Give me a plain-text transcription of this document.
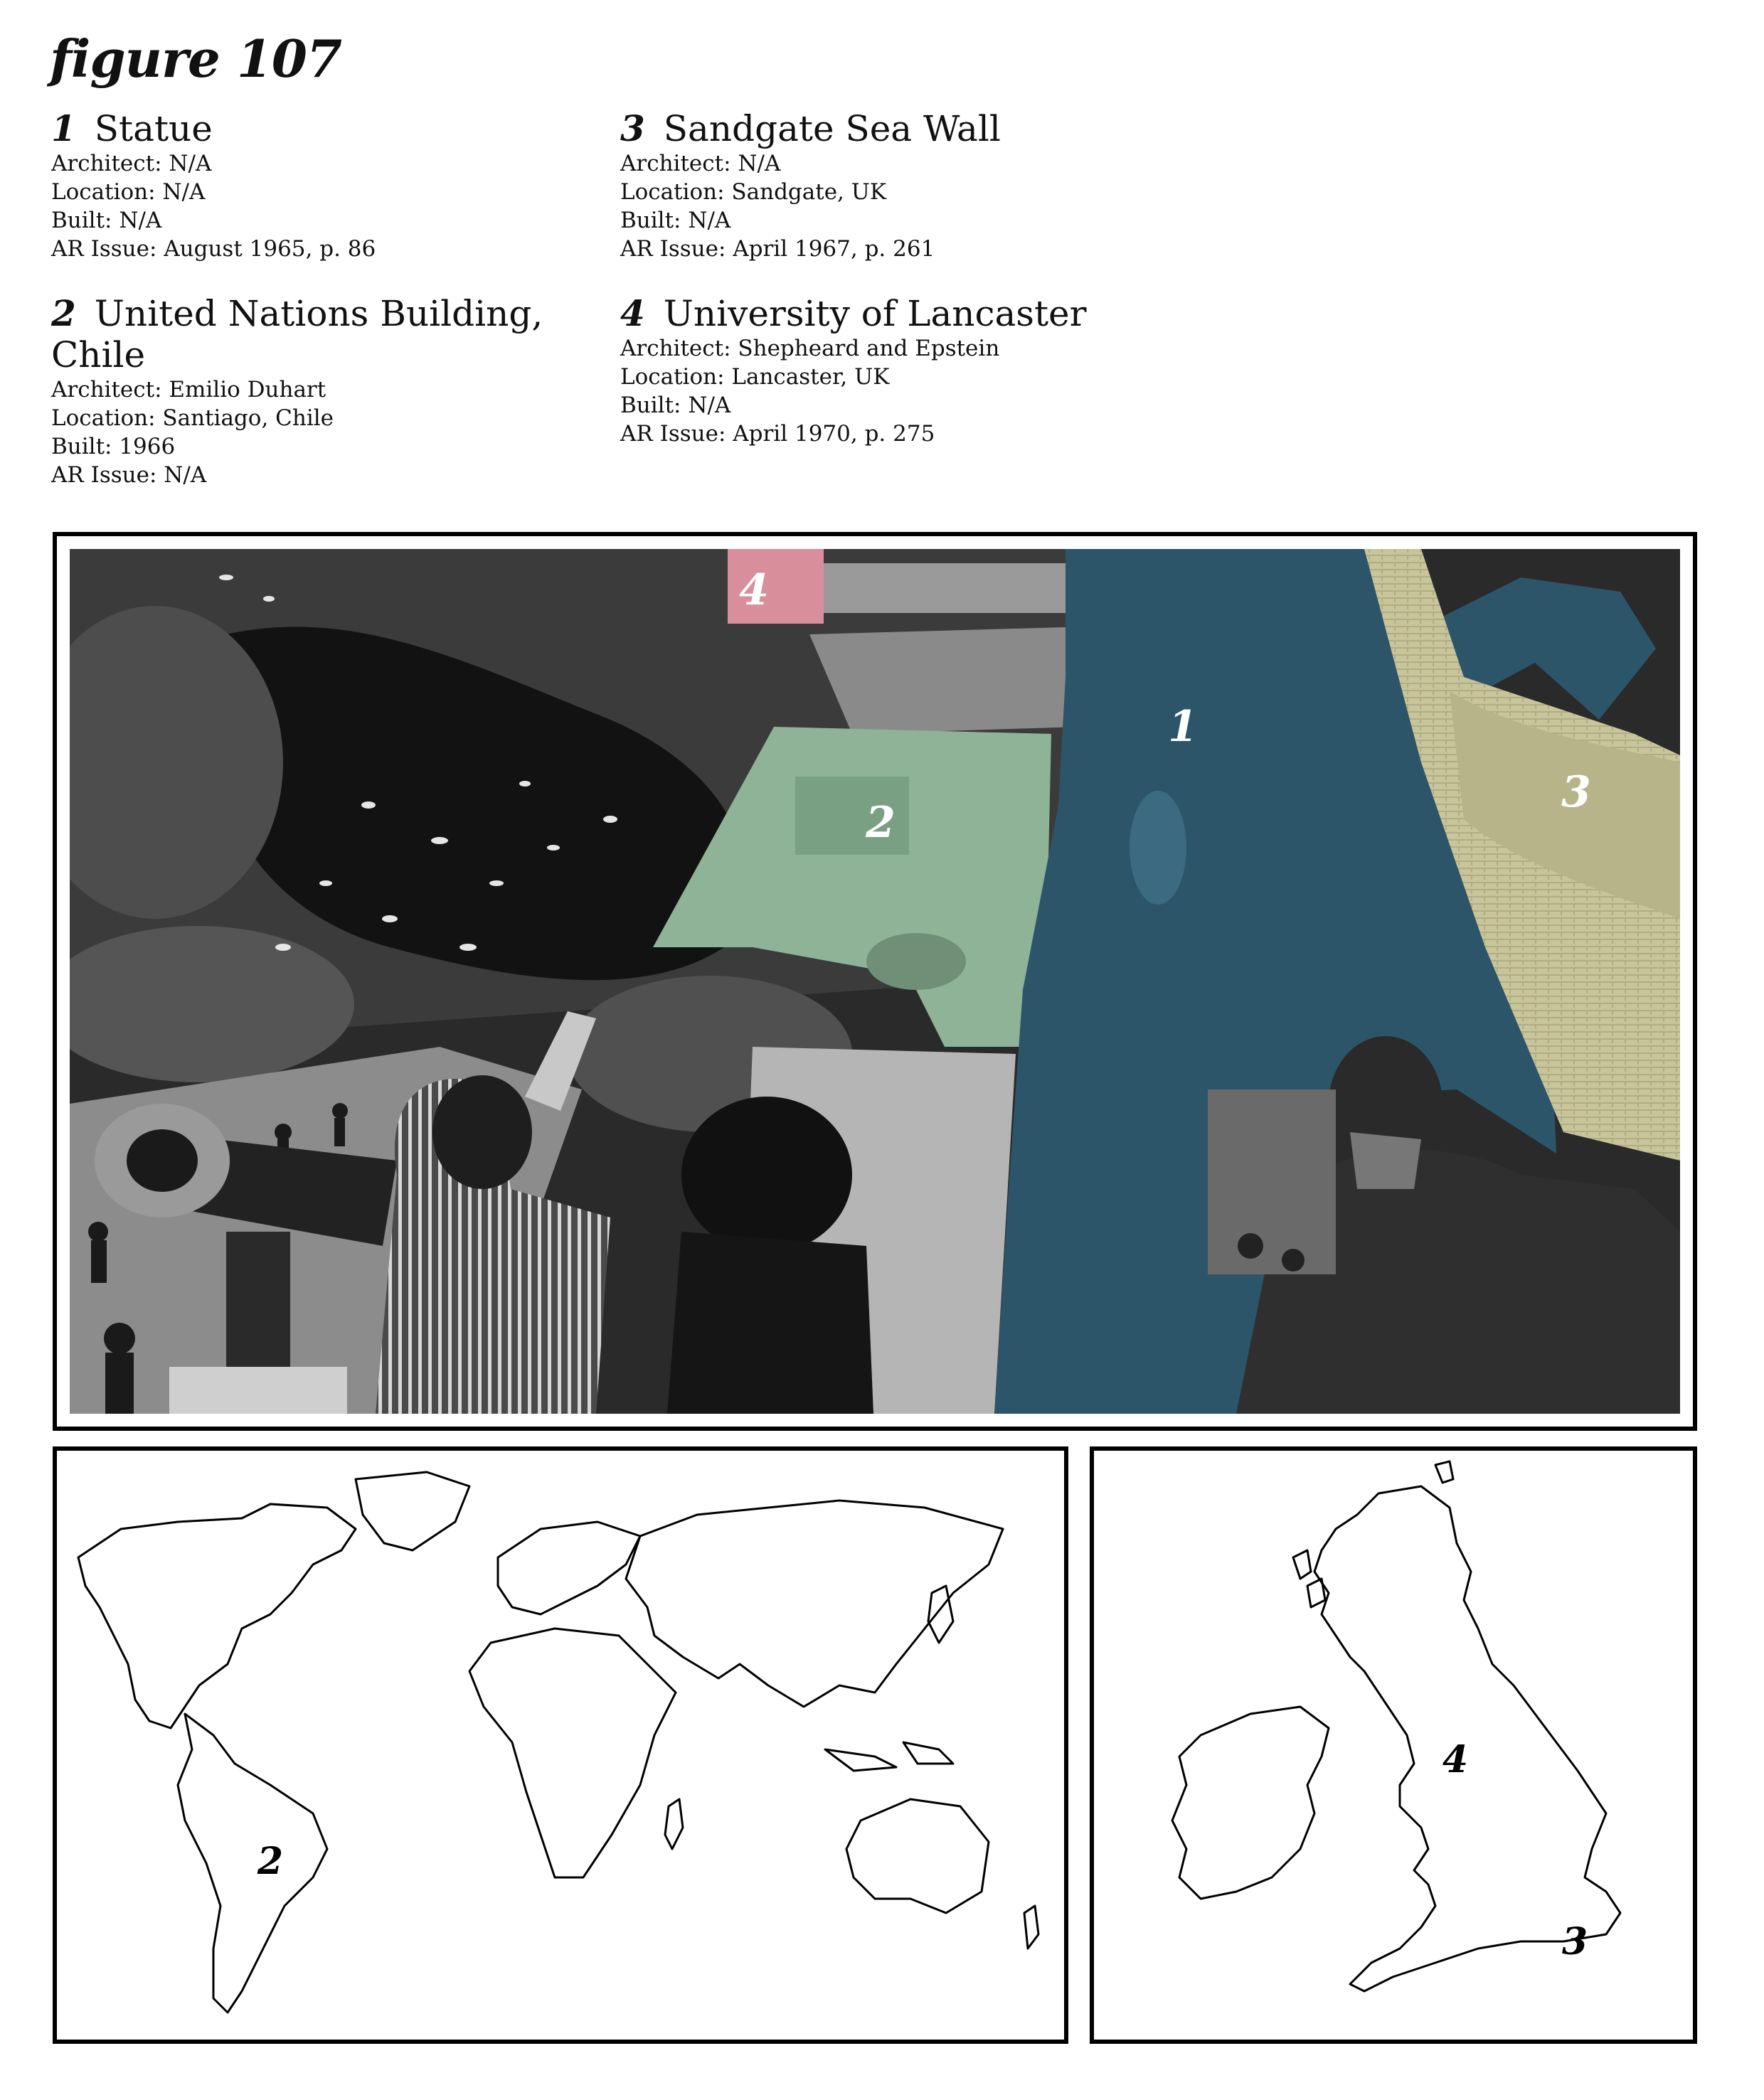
figure 107
1 Statue
Architect: N/A
Location: N/A
Built: N/A
AR Issue: August 1965, p. 86
2 United Nations Building,
Chile
Architect: Emilio Duhart
Location: Santiago, Chile
Built: 1966
AR Issue: N/A
3 Sandgate Sea Wall
Architect: N/A
Location: Sandgate, UK
Built: N/A
AR Issue: April 1967, p. 261
4 University of Lancaster
Architect: Shepheard and Epstein
Location: Lancaster, UK
Built: N/A
AR Issue: April 1970, p. 275
1
2
3
4
2
4
3
